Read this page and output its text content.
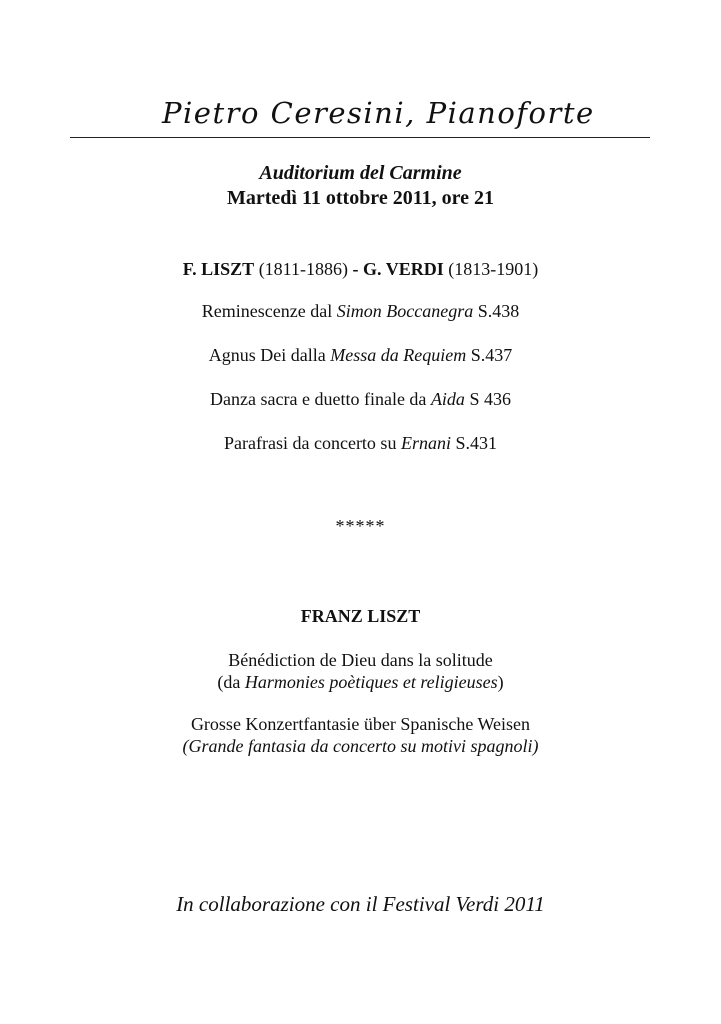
Pietro Ceresini, Pianoforte
Auditorium del Carmine
Martedì 11 ottobre 2011, ore 21
F. LISZT (1811-1886) - G. VERDI (1813-1901)
Reminescenze dal Simon Boccanegra S.438
Agnus Dei dalla Messa da Requiem S.437
Danza sacra e duetto finale da Aida S 436
Parafrasi da concerto su Ernani S.431
*****
FRANZ LISZT
Bénédiction de Dieu dans la solitude
(da Harmonies poètiques et religieuses)
Grosse Konzertfantasie über Spanische Weisen
(Grande fantasia da concerto su motivi spagnoli)
In collaborazione con il Festival Verdi 2011
